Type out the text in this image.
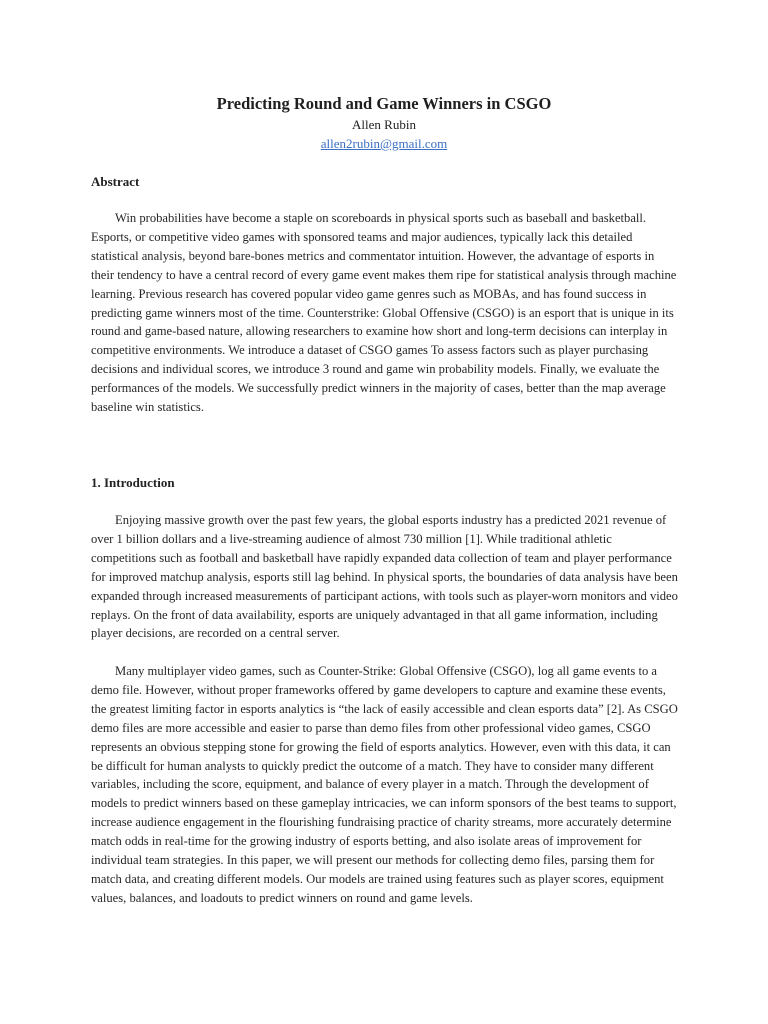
Predicting Round and Game Winners in CSGO

Allen Rubin

allen2rubin@gmail.com

Abstract

Win probabilities have become a staple on scoreboards in physical sports such as baseball and basketball. Esports, or competitive video games with sponsored teams and major audiences, typically lack this detailed statistical analysis, beyond bare-bones metrics and commentator intuition. However, the advantage of esports in their tendency to have a central record of every game event makes them ripe for statistical analysis through machine learning. Previous research has covered popular video game genres such as MOBAs, and has found success in predicting game winners most of the time. Counterstrike: Global Offensive (CSGO) is an esport that is unique in its round and game-based nature, allowing researchers to examine how short and long-term decisions can interplay in competitive environments. We introduce a dataset of CSGO games To assess factors such as player purchasing decisions and individual scores, we introduce 3 round and game win probability models. Finally, we evaluate the performances of the models. We successfully predict winners in the majority of cases, better than the map average baseline win statistics.

1. Introduction

Enjoying massive growth over the past few years, the global esports industry has a predicted 2021 revenue of over 1 billion dollars and a live-streaming audience of almost 730 million [1]. While traditional athletic competitions such as football and basketball have rapidly expanded data collection of team and player performance for improved matchup analysis, esports still lag behind. In physical sports, the boundaries of data analysis have been expanded through increased measurements of participant actions, with tools such as player-worn monitors and video replays. On the front of data availability, esports are uniquely advantaged in that all game information, including player decisions, are recorded on a central server.

Many multiplayer video games, such as Counter-Strike: Global Offensive (CSGO), log all game events to a demo file. However, without proper frameworks offered by game developers to capture and examine these events, the greatest limiting factor in esports analytics is “the lack of easily accessible and clean esports data” [2]. As CSGO demo files are more accessible and easier to parse than demo files from other professional video games, CSGO represents an obvious stepping stone for growing the field of esports analytics. However, even with this data, it can be difficult for human analysts to quickly predict the outcome of a match. They have to consider many different variables, including the score, equipment, and balance of every player in a match. Through the development of models to predict winners based on these gameplay intricacies, we can inform sponsors of the best teams to support, increase audience engagement in the flourishing fundraising practice of charity streams, more accurately determine match odds in real-time for the growing industry of esports betting, and also isolate areas of improvement for individual team strategies. In this paper, we will present our methods for collecting demo files, parsing them for match data, and creating different models. Our models are trained using features such as player scores, equipment values, balances, and loadouts to predict winners on round and game levels.
